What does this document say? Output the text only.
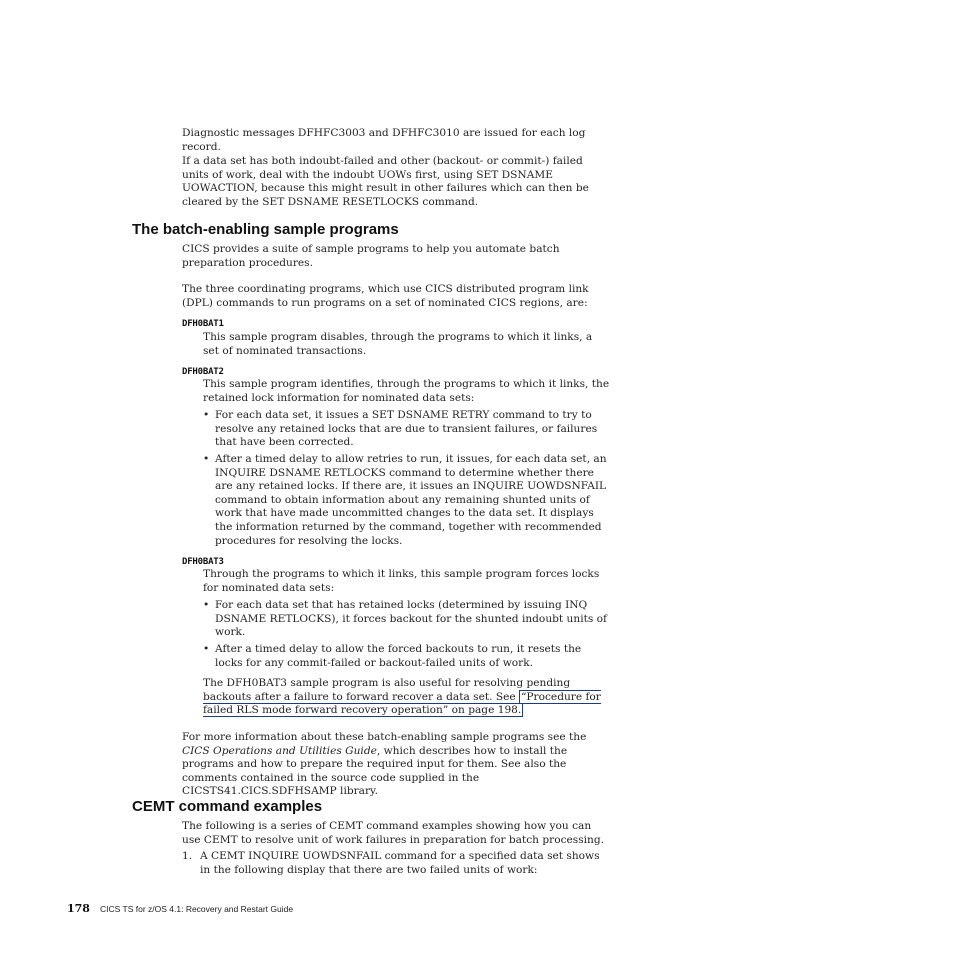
Diagnostic messages DFHFC3003 and DFHFC3010 are issued for each log record.
If a data set has both indoubt-failed and other (backout- or commit-) failed units of work, deal with the indoubt UOWs first, using SET DSNAME UOWACTION, because this might result in other failures which can then be cleared by the SET DSNAME RESETLOCKS command.
The batch-enabling sample programs
CICS provides a suite of sample programs to help you automate batch preparation procedures.
The three coordinating programs, which use CICS distributed program link (DPL) commands to run programs on a set of nominated CICS regions, are:
DFH0BAT1
This sample program disables, through the programs to which it links, a set of nominated transactions.
DFH0BAT2
This sample program identifies, through the programs to which it links, the retained lock information for nominated data sets:
• For each data set, it issues a SET DSNAME RETRY command to try to resolve any retained locks that are due to transient failures, or failures that have been corrected.
• After a timed delay to allow retries to run, it issues, for each data set, an INQUIRE DSNAME RETLOCKS command to determine whether there are any retained locks. If there are, it issues an INQUIRE UOWDSNFAIL command to obtain information about any remaining shunted units of work that have made uncommitted changes to the data set. It displays the information returned by the command, together with recommended procedures for resolving the locks.
DFH0BAT3
Through the programs to which it links, this sample program forces locks for nominated data sets:
• For each data set that has retained locks (determined by issuing INQ DSNAME RETLOCKS), it forces backout for the shunted indoubt units of work.
• After a timed delay to allow the forced backouts to run, it resets the locks for any commit-failed or backout-failed units of work.
The DFH0BAT3 sample program is also useful for resolving pending backouts after a failure to forward recover a data set. See “Procedure for failed RLS mode forward recovery operation” on page 198.
For more information about these batch-enabling sample programs see the CICS Operations and Utilities Guide, which describes how to install the programs and how to prepare the required input for them. See also the comments contained in the source code supplied in the CICSTS41.CICS.SDFHSAMP library.
CEMT command examples
The following is a series of CEMT command examples showing how you can use CEMT to resolve unit of work failures in preparation for batch processing.
1. A CEMT INQUIRE UOWDSNFAIL command for a specified data set shows in the following display that there are two failed units of work:
178 CICS TS for z/OS 4.1: Recovery and Restart Guide
